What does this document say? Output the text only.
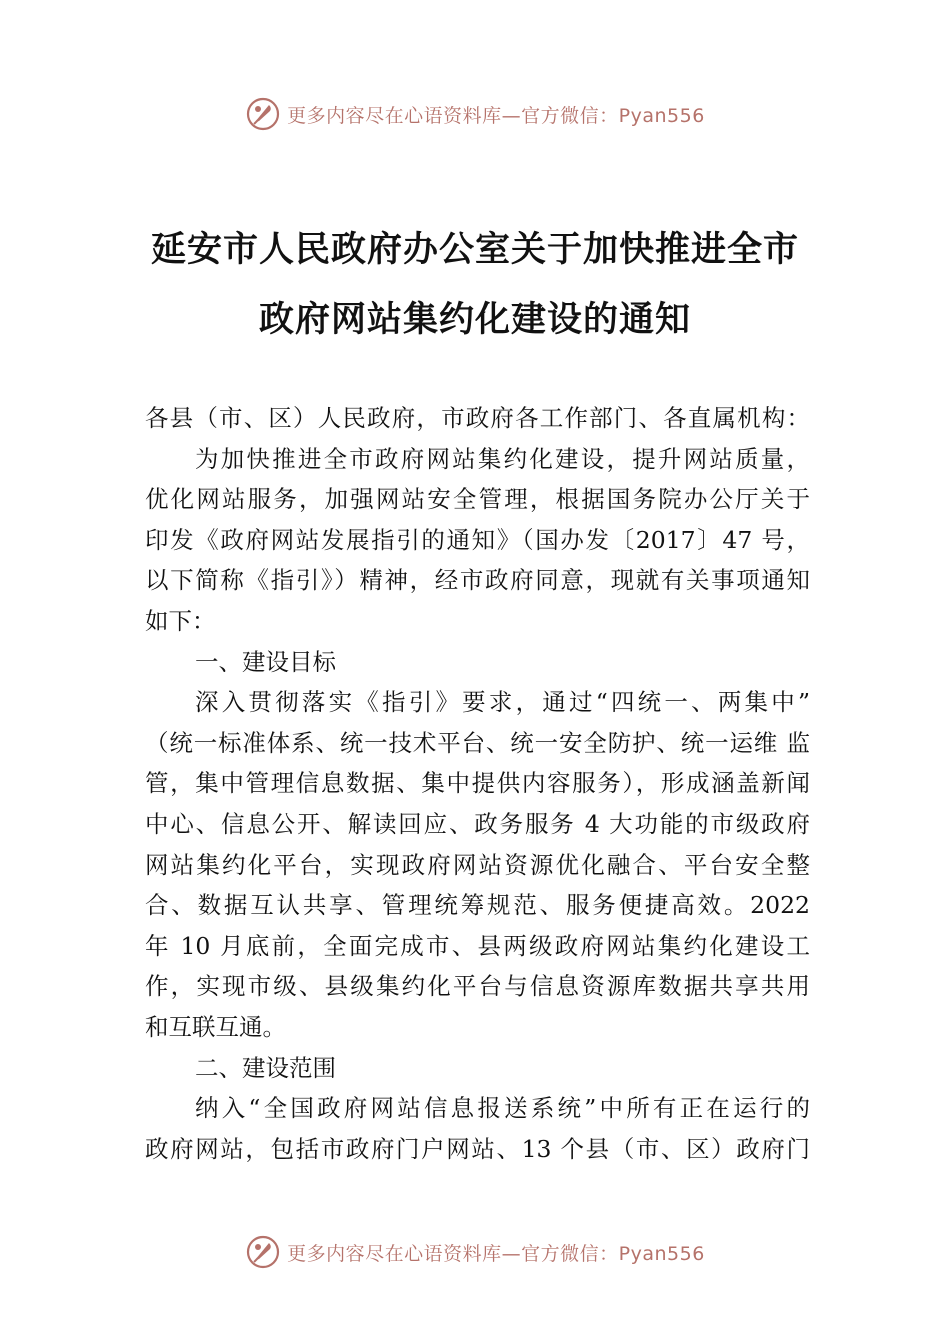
更多内容尽在心语资料库—官方微信：Pyan556
延安市人民政府办公室关于加快推进全市
政府网站集约化建设的通知
各县（市、区）人民政府，市政府各工作部门、各直属机构：
为加快推进全市政府网站集约化建设，提升网站质量，
优化网站服务，加强网站安全管理，根据国务院办公厅关于
印发《政府网站发展指引的通知》（国办发〔2017〕47 号，
以下简称《指引》）精神，经市政府同意，现就有关事项通知
如下：
一、建设目标
深入贯彻落实《指引》要求，通过“四统一、两集中”
（统一标准体系、统一技术平台、统一安全防护、统一运维 监
管，集中管理信息数据、集中提供内容服务），形成涵盖新闻
中心、信息公开、解读回应、政务服务 4 大功能的市级政府
网站集约化平台，实现政府网站资源优化融合、平台安全整
合、数据互认共享、管理统筹规范、服务便捷高效。2022
年 10 月底前，全面完成市、县两级政府网站集约化建设工
作，实现市级、县级集约化平台与信息资源库数据共享共用
和互联互通。
二、建设范围
纳入“全国政府网站信息报送系统”中所有正在运行的
政府网站，包括市政府门户网站、13 个县（市、区）政府门
更多内容尽在心语资料库—官方微信：Pyan556
